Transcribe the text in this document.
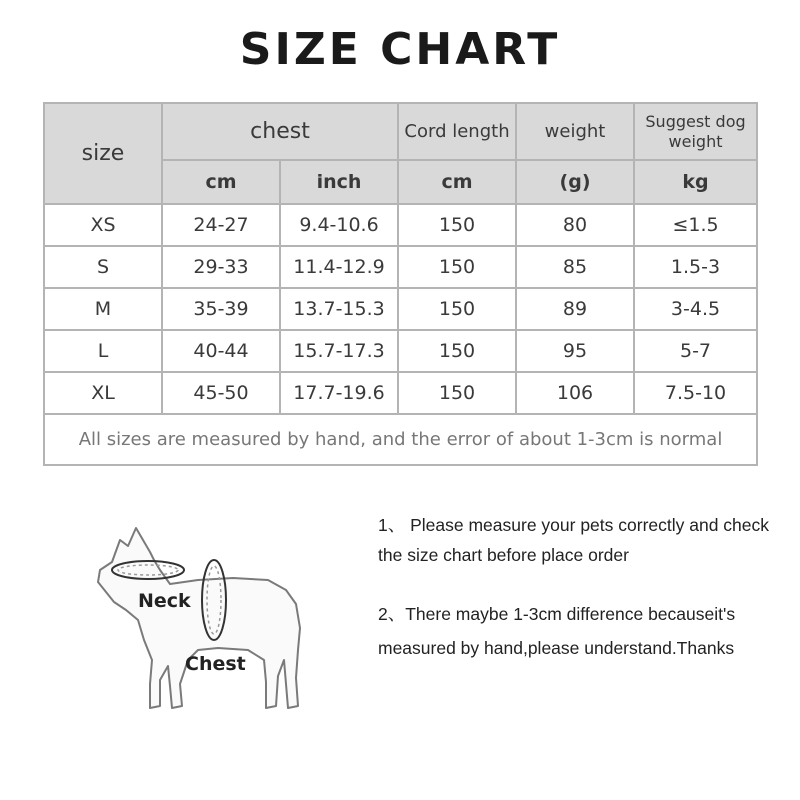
SIZE CHART
size	chest		Cord length	weight	Suggest dog weight
	cm	inch	cm	(g)	kg
XS	24-27	9.4-10.6	150	80	≤1.5
S	29-33	11.4-12.9	150	85	1.5-3
M	35-39	13.7-15.3	150	89	3-4.5
L	40-44	15.7-17.3	150	95	5-7
XL	45-50	17.7-19.6	150	106	7.5-10
All sizes are measured by hand, and the error of about 1-3cm is normal					
Neck
Chest

1、 Please measure your pets correctly and check the size chart before place order

2、There maybe 1-3cm difference becauseit's measured by hand,please understand.Thanks
